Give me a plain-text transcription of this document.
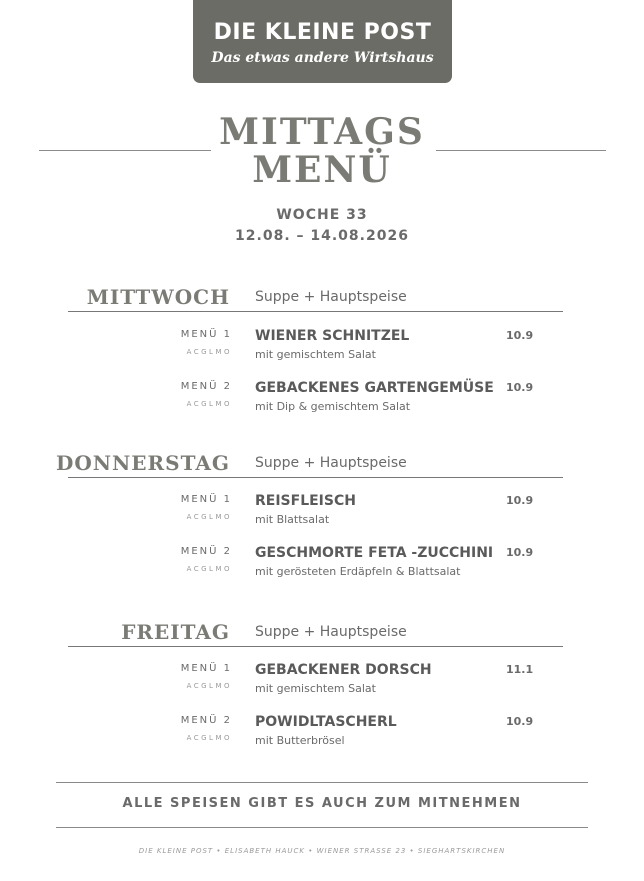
DIE KLEINE POST
Das etwas andere Wirtshaus
MITTAGS
MENÜ
WOCHE 33
12.08. – 14.08.2026
MITTWOCH Suppe + Hauptspeise
MENÜ 1
ACGLMO
WIENER SCHNITZEL
mit gemischtem Salat
10.9
MENÜ 2
ACGLMO
GEBACKENES GARTENGEMÜSE
mit Dip & gemischtem Salat
10.9
DONNERSTAG Suppe + Hauptspeise
MENÜ 1
ACGLMO
REISFLEISCH
mit Blattsalat
10.9
MENÜ 2
ACGLMO
GESCHMORTE FETA -ZUCCHINI
mit gerösteten Erdäpfeln & Blattsalat
10.9
FREITAG Suppe + Hauptspeise
MENÜ 1
ACGLMO
GEBACKENER DORSCH
mit gemischtem Salat
11.1
MENÜ 2
ACGLMO
POWIDLTASCHERL
mit Butterbrösel
10.9
ALLE SPEISEN GIBT ES AUCH ZUM MITNEHMEN
DIE KLEINE POST • ELISABETH HAUCK • WIENER STRASSE 23 • SIEGHARTSKIRCHEN
